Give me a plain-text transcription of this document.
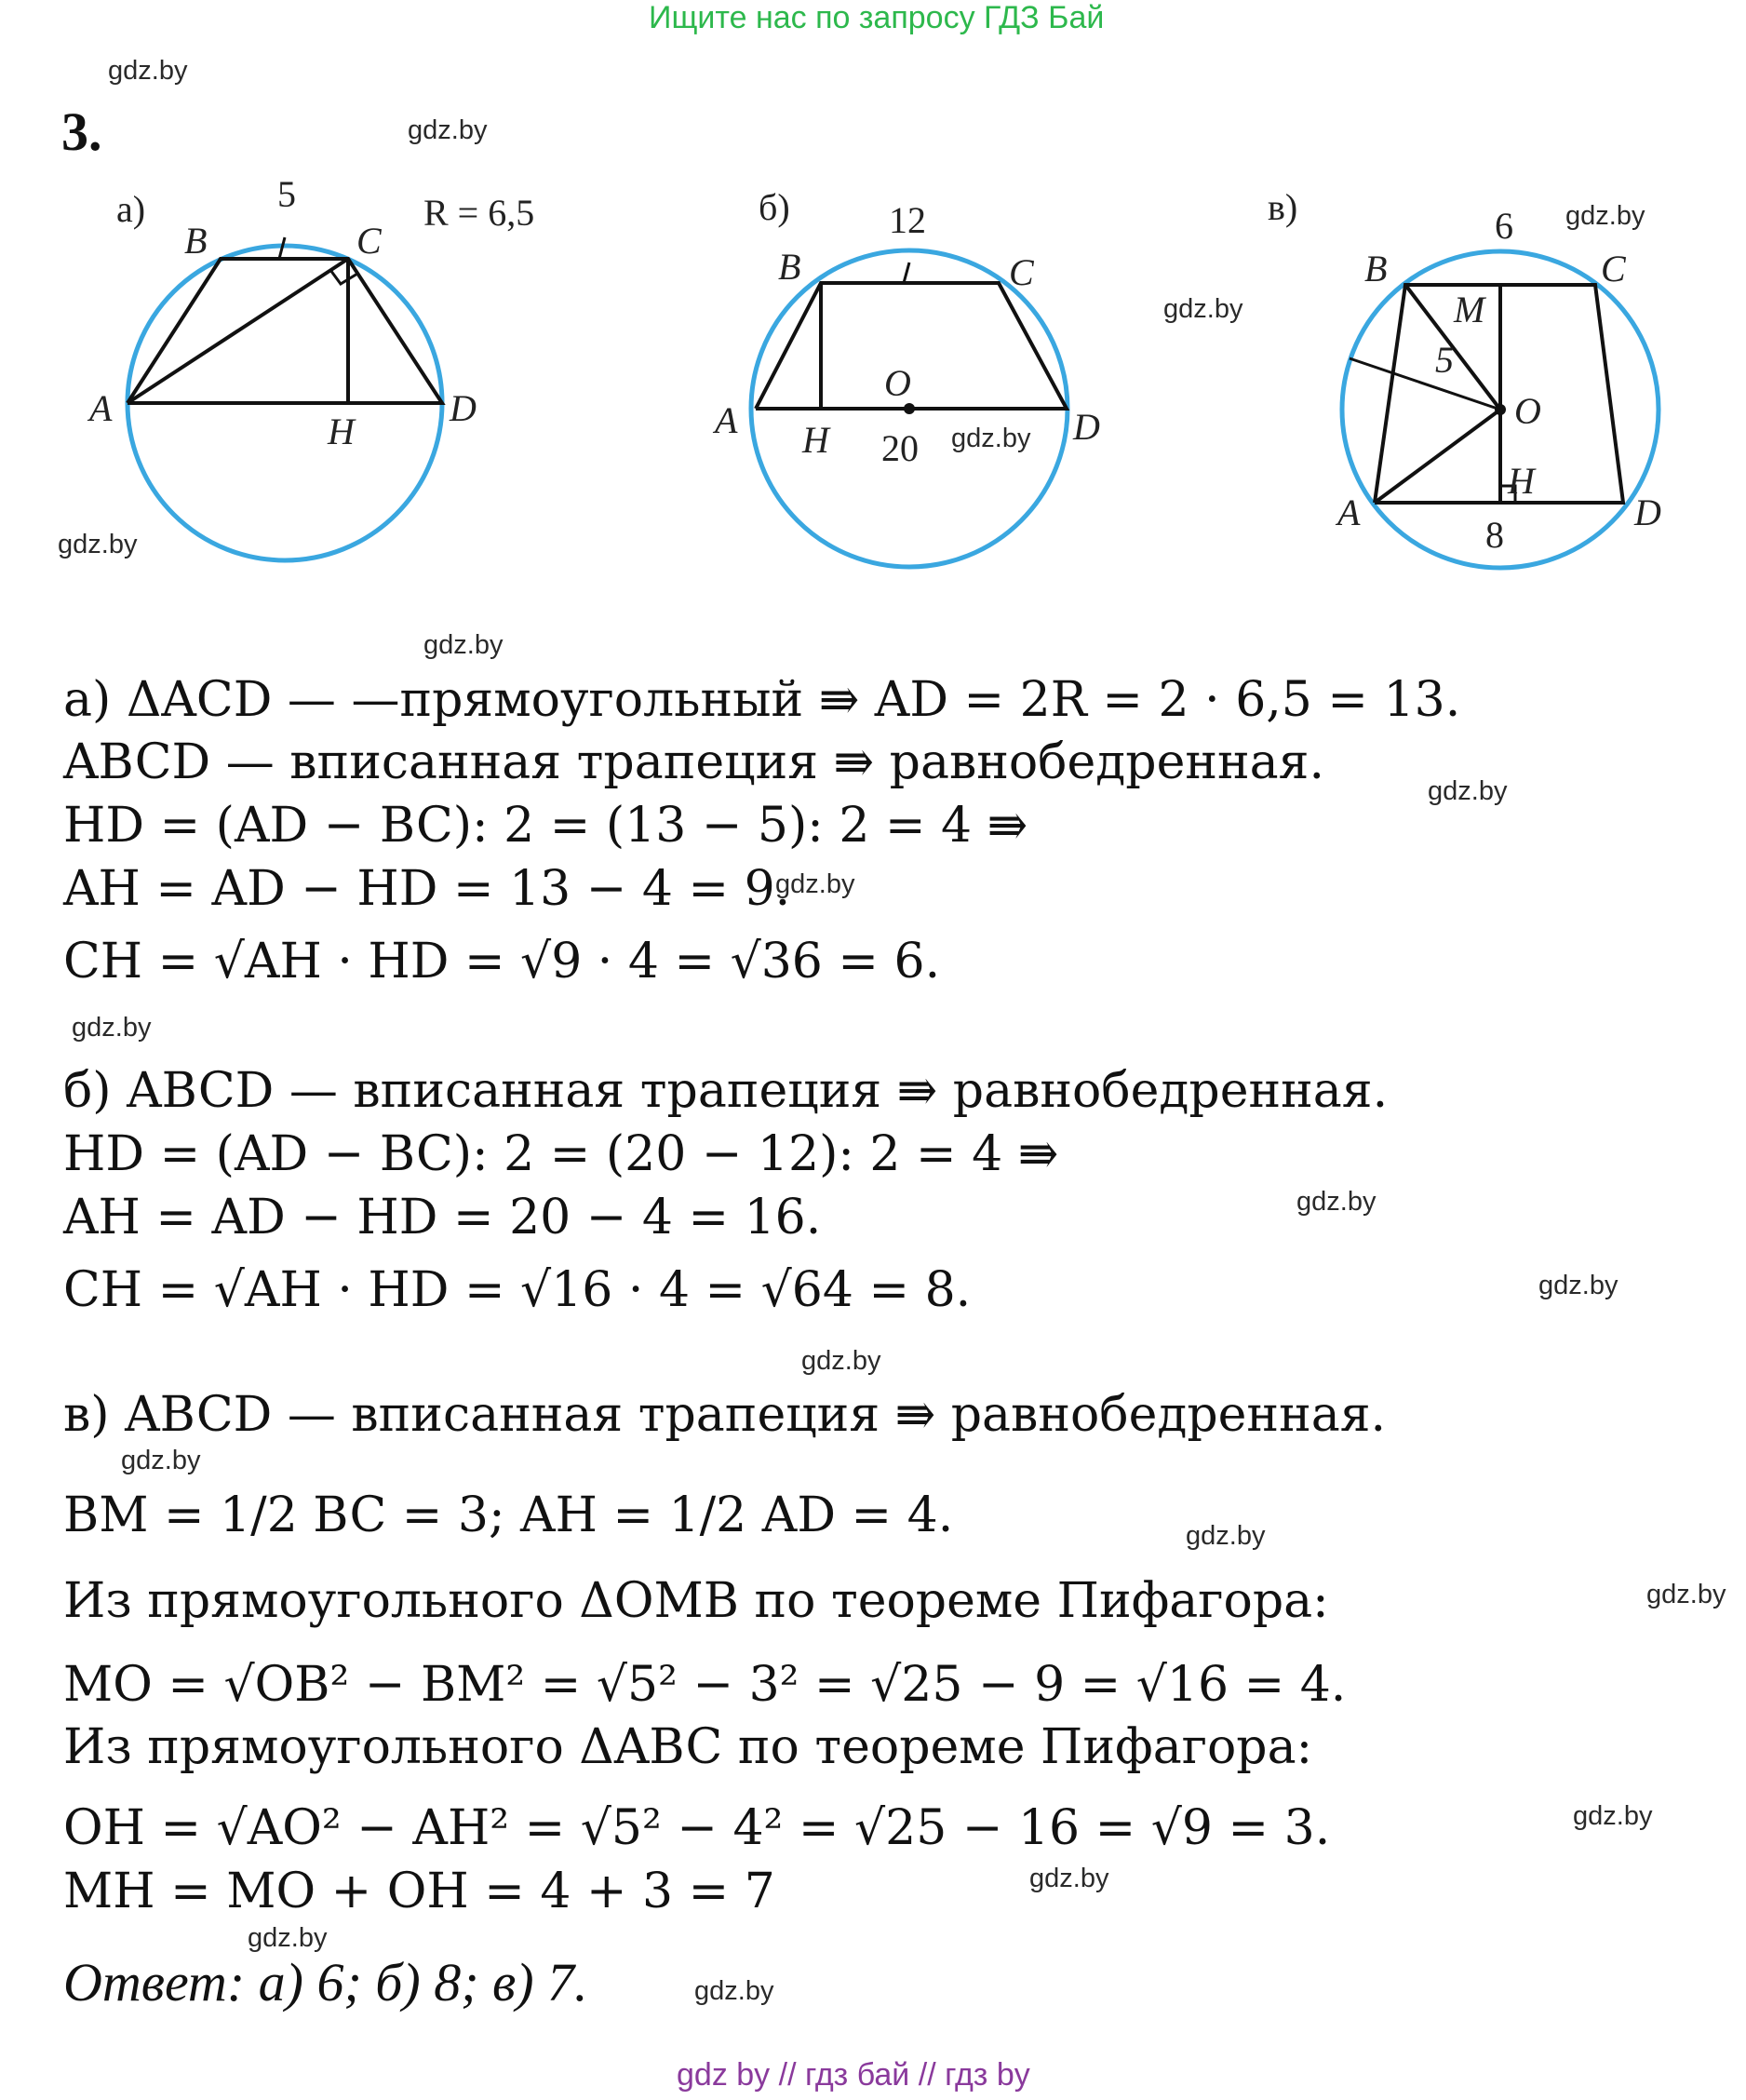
Ищите нас по запросу ГДЗ Бай
gdz.by
gdz.by
gdz.by
gdz.by
gdz.by
gdz.by
gdz.by
gdz.by
gdz.by
gdz.by
gdz.by
gdz.by
gdz.by
gdz.by
gdz.by
gdz.by
gdz.by
gdz.by
gdz.by
gdz.by
3.
а)	R = 6,5
5
A
B	C
D
H
б)	12
20
O
A
B	C
D
H
в)	6
8
5
M
O
A
B	C
D
H
а) ΔACD — —прямоугольный ⇛ AD = 2R = 2 · 6,5 = 13.
ABCD — вписанная трапеция ⇛ равнобедренная.
HD = (AD − BC): 2 = (13 − 5): 2 = 4 ⇛
AH = AD − HD = 13 − 4 = 9.
CH = √AH · HD = √9 · 4 = √36 = 6.
б) ABCD — вписанная трапеция ⇛ равнобедренная.
HD = (AD − BC): 2 = (20 − 12): 2 = 4 ⇛
AH = AD − HD = 20 − 4 = 16.
CH = √AH · HD = √16 · 4 = √64 = 8.
в) ABCD — вписанная трапеция ⇛ равнобедренная.
BM = 1/2 BC = 3; AH = 1/2 AD = 4.
Из прямоугольного ΔOMB по теореме Пифагора:
MO = √OB² − BM² = √5² − 3² = √25 − 9 = √16 = 4.
Из прямоугольного ΔABC по теореме Пифагора:
OH = √AO² − AH² = √5² − 4² = √25 − 16 = √9 = 3.
MH = MO + OH = 4 + 3 = 7
Ответ: а) 6; б) 8; в) 7.
gdz by // гдз бай // гдз by
